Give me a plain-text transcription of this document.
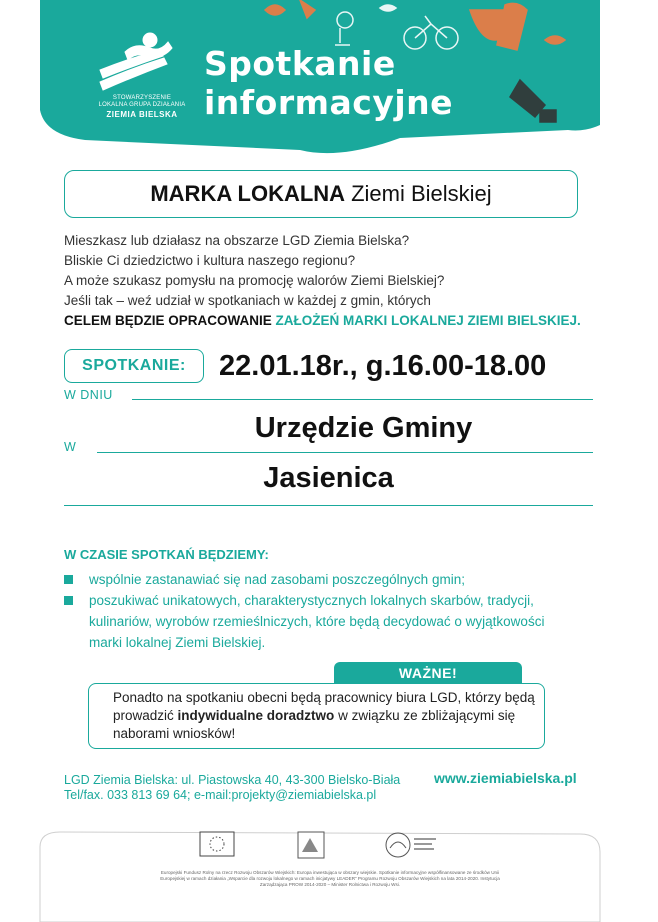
STOWARZYSZENIE
LOKALNA GRUPA DZIAŁANIA
ZIEMIA BIELSKA
Spotkanie
informacyjne
MARKA LOKALNA Ziemi Bielskiej
Mieszkasz lub działasz na obszarze LGD Ziemia Bielska?
Bliskie Ci dziedzictwo i kultura naszego regionu?
A może szukasz pomysłu na promocję walorów Ziemi Bielskiej?
Jeśli tak – weź udział w spotkaniach w każdej z gmin, których
CELEM BĘDZIE OPRACOWANIE ZAŁOŻEŃ MARKI LOKALNEJ ZIEMI BIELSKIEJ.
SPOTKANIE:	22.01.18r., g.16.00-18.00
W DNIU
Urzędzie Gminy
W
Jasienica
W CZASIE SPOTKAŃ BĘDZIEMY:
wspólnie zastanawiać się nad zasobami poszczególnych gmin;
poszukiwać unikatowych, charakterystycznych lokalnych skarbów, tradycji, kulinariów, wyrobów rzemieślniczych, które będą decydować o wyjątkowości marki lokalnej Ziemi Bielskiej.
WAŻNE!
Ponadto na spotkaniu obecni będą pracownicy biura LGD, którzy będą prowadzić indywidualne doradztwo w związku ze zbliżającymi się naborami wniosków!
LGD Ziemia Bielska: ul. Piastowska 40, 43-300 Bielsko-Biała
Tel/fax. 033 813 69 64; e-mail:projekty@ziemiabielska.pl
www.ziemiabielska.pl
Europejski Fundusz Rolny na rzecz Rozwoju Obszarów Wiejskich: Europa inwestująca w obszary wiejskie. Spotkanie informacyjne współfinansowane ze środków Unii Europejskiej w ramach działania „Wsparcie dla rozwoju lokalnego w ramach inicjatywy LEADER” Programu Rozwoju Obszarów Wiejskich na lata 2014-2020. Instytucja Zarządzająca PROW 2014-2020 – Minister Rolnictwa i Rozwoju Wsi.
